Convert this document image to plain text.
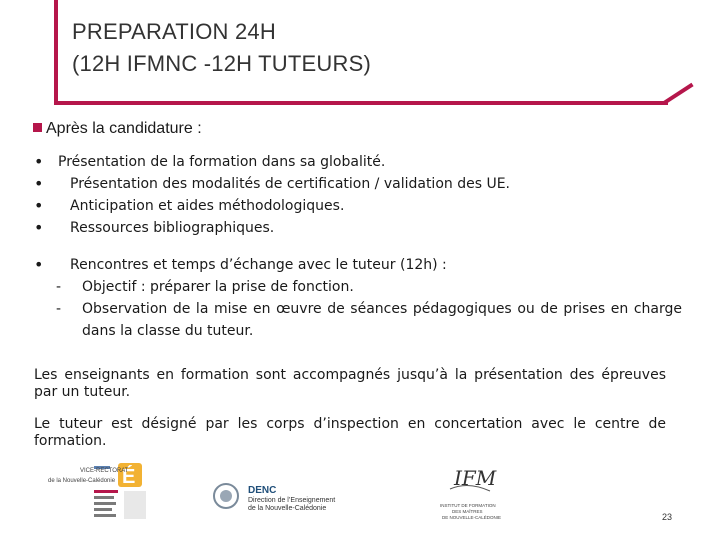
PREPARATION 24H
(12H IFMNC -12H TUTEURS)
Après la candidature :
• Présentation de la formation dans sa globalité.
• Présentation des modalités de certification / validation des UE.
• Anticipation et aides méthodologiques.
• Ressources bibliographiques.
• Rencontres et temps d’échange avec le tuteur (12h) :
- Objectif : préparer la prise de fonction.
- Observation de la mise en œuvre de séances pédagogiques ou de prises en charge dans la classe du tuteur.
Les enseignants en formation sont accompagnés jusqu’à la présentation des épreuves par un tuteur.
Le tuteur est désigné par les corps d’inspection en concertation avec le centre de formation.
É
VICE-RECTORAT
de la Nouvelle-Calédonie
DENC
Direction de l’Enseignement
de la Nouvelle-Calédonie
IFM
INSTITUT DE FORMATION
DES MAÎTRES
DE NOUVELLE-CALÉDONIE	23
